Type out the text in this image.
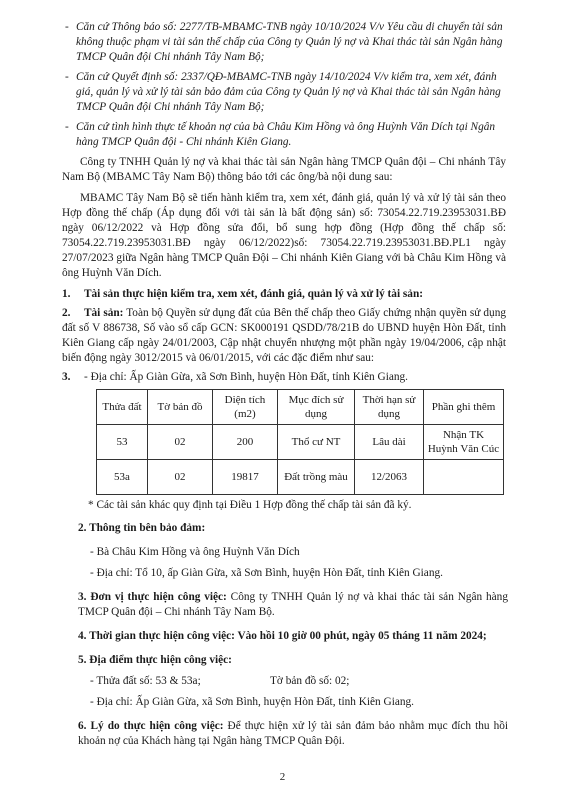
- Căn cứ Thông báo số: 2277/TB-MBAMC-TNB ngày 10/10/2024 V/v Yêu cầu di chuyển tài sản không thuộc phạm vi tài sản thế chấp của Công ty Quản lý nợ và Khai thác tài sản Ngân hàng TMCP Quân đội Chi nhánh Tây Nam Bộ;
- Căn cứ Quyết định số: 2337/QĐ-MBAMC-TNB ngày 14/10/2024 V/v kiểm tra, xem xét, đánh giá, quản lý và xử lý tài sản bảo đảm của Công ty Quản lý nợ và Khai thác tài sản Ngân hàng TMCP Quân đội Chi nhánh Tây Nam Bộ;
- Căn cứ tình hình thực tế khoản nợ của bà Châu Kim Hồng và ông Huỳnh Văn Dích tại Ngân hàng TMCP Quân đội - Chi nhánh Kiên Giang.
Công ty TNHH Quản lý nợ và khai thác tài sản Ngân hàng TMCP Quân đội – Chi nhánh Tây Nam Bộ (MBAMC Tây Nam Bộ) thông báo tới các ông/bà nội dung sau:
MBAMC Tây Nam Bộ sẽ tiến hành kiểm tra, xem xét, đánh giá, quản lý và xử lý tài sản theo Hợp đồng thế chấp (Áp dụng đối với tài sản là bất động sản) số: 73054.22.719.23953031.BĐ ngày 06/12/2022 và Hợp đồng sửa đổi, bổ sung hợp đồng (Hợp đồng thế chấp số: 73054.22.719.23953031.BĐ ngày 06/12/2022)số: 73054.22.719.23953031.BĐ.PL1 ngày 27/07/2023 giữa Ngân hàng TMCP Quân Đội – Chi nhánh Kiên Giang với bà Châu Kim Hồng và ông Huỳnh Văn Dích.
1. Tài sản thực hiện kiểm tra, xem xét, đánh giá, quản lý và xử lý tài sản:
2. Tài sản: Toàn bộ Quyền sử dụng đất của Bên thế chấp theo Giấy chứng nhận quyền sử dụng đất số V 886738, Số vào sổ cấp GCN: SK000191 QSDD/78/21B do UBND huyện Hòn Đất, tỉnh Kiên Giang cấp ngày 24/01/2003, Cập nhật chuyển nhượng một phần ngày 19/04/2006, cập nhật biến động ngày 3012/2015 và 06/01/2015, với các đặc điểm như sau:
3. - Địa chỉ: Ấp Giàn Gừa, xã Sơn Bình, huyện Hòn Đất, tỉnh Kiên Giang.
Thửa đất	Tờ bản đồ	Diện tích (m2)	Mục đích sử dụng	Thời hạn sử dụng	Phần ghi thêm
53	02	200	Thổ cư NT	Lâu dài	Nhận TK Huỳnh Văn Cúc
53a	02	19817	Đất trồng màu	12/2063	
* Các tài sản khác quy định tại Điều 1 Hợp đồng thế chấp tài sản đã ký.
2. Thông tin bên bảo đảm:
- Bà Châu Kim Hồng và ông Huỳnh Văn Dích
- Địa chỉ: Tổ 10, ấp Giàn Gừa, xã Sơn Bình, huyện Hòn Đất, tỉnh Kiên Giang.
3. Đơn vị thực hiện công việc: Công ty TNHH Quản lý nợ và khai thác tài sản Ngân hàng TMCP Quân đội – Chi nhánh Tây Nam Bộ.
4. Thời gian thực hiện công việc: Vào hồi 10 giờ 00 phút, ngày 05 tháng 11 năm 2024;
5. Địa điểm thực hiện công việc:
- Thửa đất số: 53 & 53a;	Tờ bản đồ số: 02;
- Địa chỉ: Ấp Giàn Gừa, xã Sơn Bình, huyện Hòn Đất, tỉnh Kiên Giang.
6. Lý do thực hiện công việc: Để thực hiện xử lý tài sản đảm bảo nhằm mục đích thu hồi khoản nợ của Khách hàng tại Ngân hàng TMCP Quân Đội.
2
